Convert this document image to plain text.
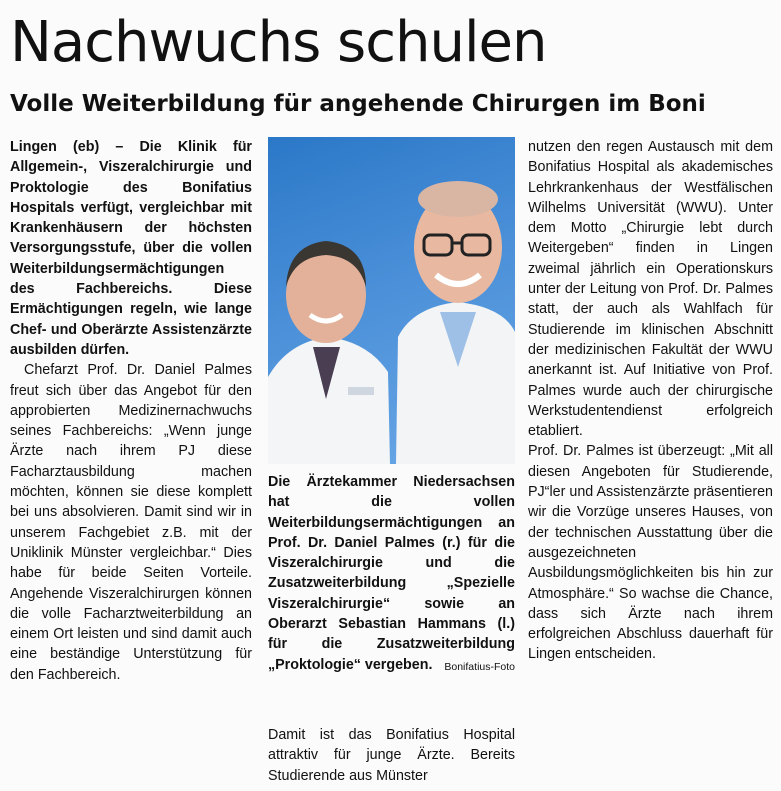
Nachwuchs schulen
Volle Weiterbildung für angehende Chirurgen im Boni

Lingen (eb) – Die Klinik für Allgemein-, Viszeralchirurgie und Proktologie des Bonifatius Hospitals verfügt, vergleichbar mit Krankenhäusern der höchsten Versorgungsstufe, über die vollen Weiterbildungsermächtigungen des Fachbereichs. Diese Ermächtigungen regeln, wie lange Chef- und Oberärzte Assistenzärzte ausbilden dürfen.

Chefarzt Prof. Dr. Daniel Palmes freut sich über das Angebot für den approbierten Medizinernachwuchs seines Fachbereichs: „Wenn junge Ärzte nach ihrem PJ diese Facharztausbildung machen möchten, können sie diese komplett bei uns absolvieren. Damit sind wir in unserem Fachgebiet z.B. mit der Uniklinik Münster vergleichbar.“ Dies habe für beide Seiten Vorteile. Angehende Viszeralchirurgen können die volle Facharztweiterbildung an einem Ort leisten und sind damit auch eine beständige Unterstützung für den Fachbereich.

Die Ärztekammer Niedersachsen hat die vollen Weiterbildungsermächtigungen an Prof. Dr. Daniel Palmes (r.) für die Viszeralchirurgie und die Zusatzweiterbildung „Spezielle Viszeralchirurgie“ sowie an Oberarzt Sebastian Hammans (l.) für die Zusatzweiterbildung „Proktologie“ vergeben. Bonifatius-Foto

Damit ist das Bonifatius Hospital attraktiv für junge Ärzte. Bereits Studierende aus Münster

nutzen den regen Austausch mit dem Bonifatius Hospital als akademisches Lehrkrankenhaus der Westfälischen Wilhelms Universität (WWU). Unter dem Motto „Chirurgie lebt durch Weitergeben“ finden in Lingen zweimal jährlich ein Operationskurs unter der Leitung von Prof. Dr. Palmes statt, der auch als Wahlfach für Studierende im klinischen Abschnitt der medizinischen Fakultät der WWU anerkannt ist. Auf Initiative von Prof. Palmes wurde auch der chirurgische Werkstudentendienst erfolgreich etabliert.

Prof. Dr. Palmes ist überzeugt: „Mit all diesen Angeboten für Studierende, PJ“ler und Assistenzärzte präsentieren wir die Vorzüge unseres Hauses, von der technischen Ausstattung über die ausgezeichneten Ausbildungsmöglichkeiten bis hin zur Atmosphäre.“ So wachse die Chance, dass sich Ärzte nach ihrem erfolgreichen Abschluss dauerhaft für Lingen entscheiden.
